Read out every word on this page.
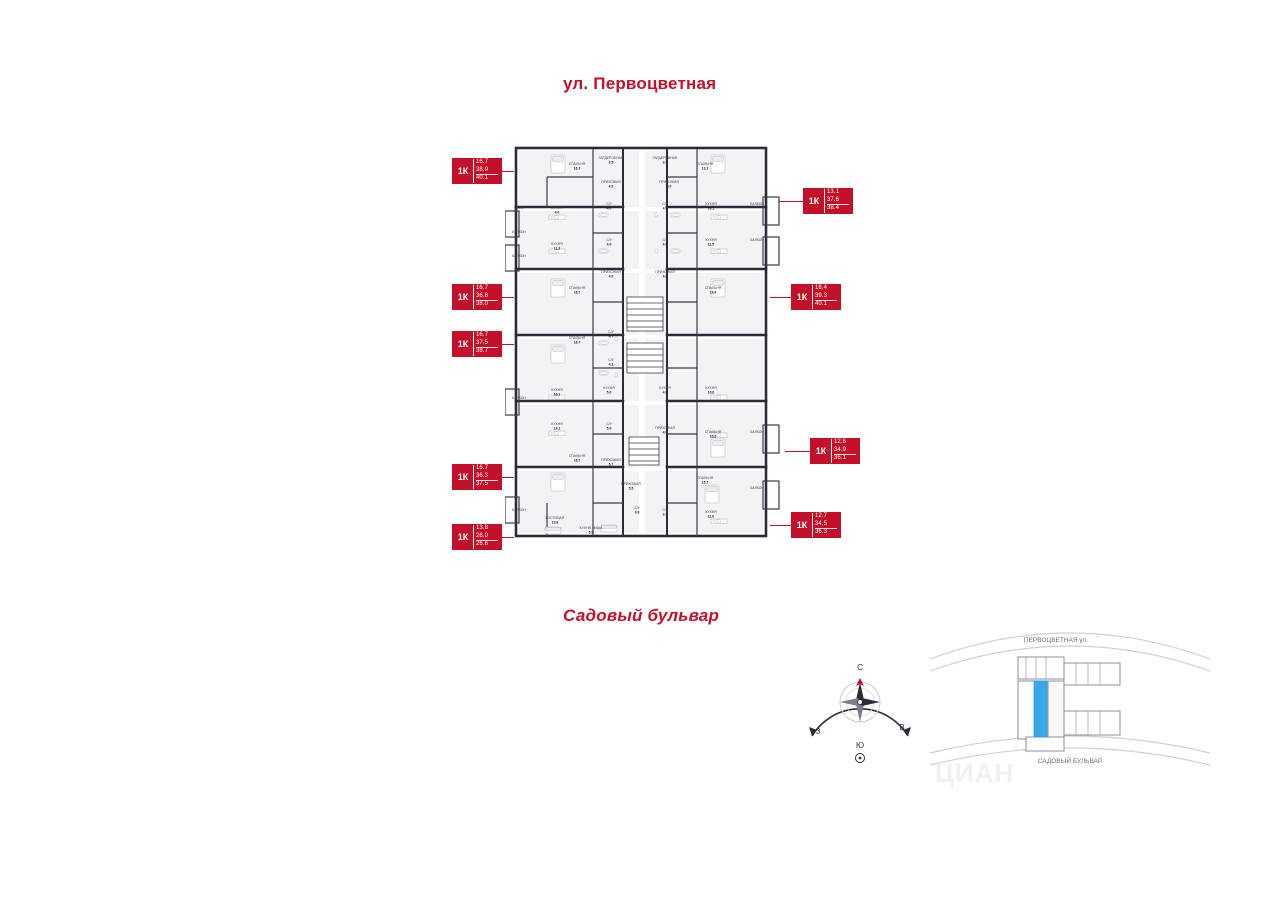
ул. Первоцветная
Садовый бульвар
СПАЛЬНЯ
16.7
ГАРДЕРОБНАЯ
3.5
ГАРДЕРОБНАЯ
3.5	СПАЛЬНЯ
13.1
ПРИХОЖАЯ
4.0
ПРИХОЖАЯ
4.0
ШКАФ	КУХНЯ
4.0
С/У
4.0
С/У
4.0
КУХНЯ
10.1
БАЛКОН
БАЛКОН
КУХНЯ
11.3
С/У
4.0
С/У
4.0
КУХНЯ
11.5
БАЛКОН
БАЛКОН
ПРИХОЖАЯ
4.0
ПРИХОЖАЯ
4.0
СПАЛЬНЯ
16.7
СПАЛЬНЯ
18.4
СПАЛЬНЯ
16.7
С/У
4.7
С/У
4.1
КУХНЯ
5.0
КУХНЯ
4.0
КУХНЯ
10.1
КУХНЯ
10.0
КУХНЯ
14.1
С/У
5.0	ПРИХОЖАЯ
4.0	СПАЛЬНЯ
16.9
БАЛКОН
БАЛКОН
СПАЛЬНЯ
16.7	ПРИХОЖАЯ
5.7
СПАЛЬНЯ
15.7
ПРИХОЖАЯ
5.5
С/У
3.8	КУХНЯ
11.0
ГОСТИНАЯ
13.8
КУХНЯ-НИША
5.0
БАЛКОН	С/У
3.4
БАЛКОН
1К
16.7
38.9
40.1
1К
16.7
36.8
38.0
1К
16.7
37.5
38.7
1К
16.7
36.3
37.5
1К
13.8
26.0
26.6
1К
13.1
37.6
38.4
1К
18.4
39.3
40.1
1К
12.6
34.9
36.1
1К
12.7
34.5
36.3
С
Ю
З	В
ПЕРВОЦВЕТНАЯ ул.
САДОВЫЙ БУЛЬВАР
ЦИАН
